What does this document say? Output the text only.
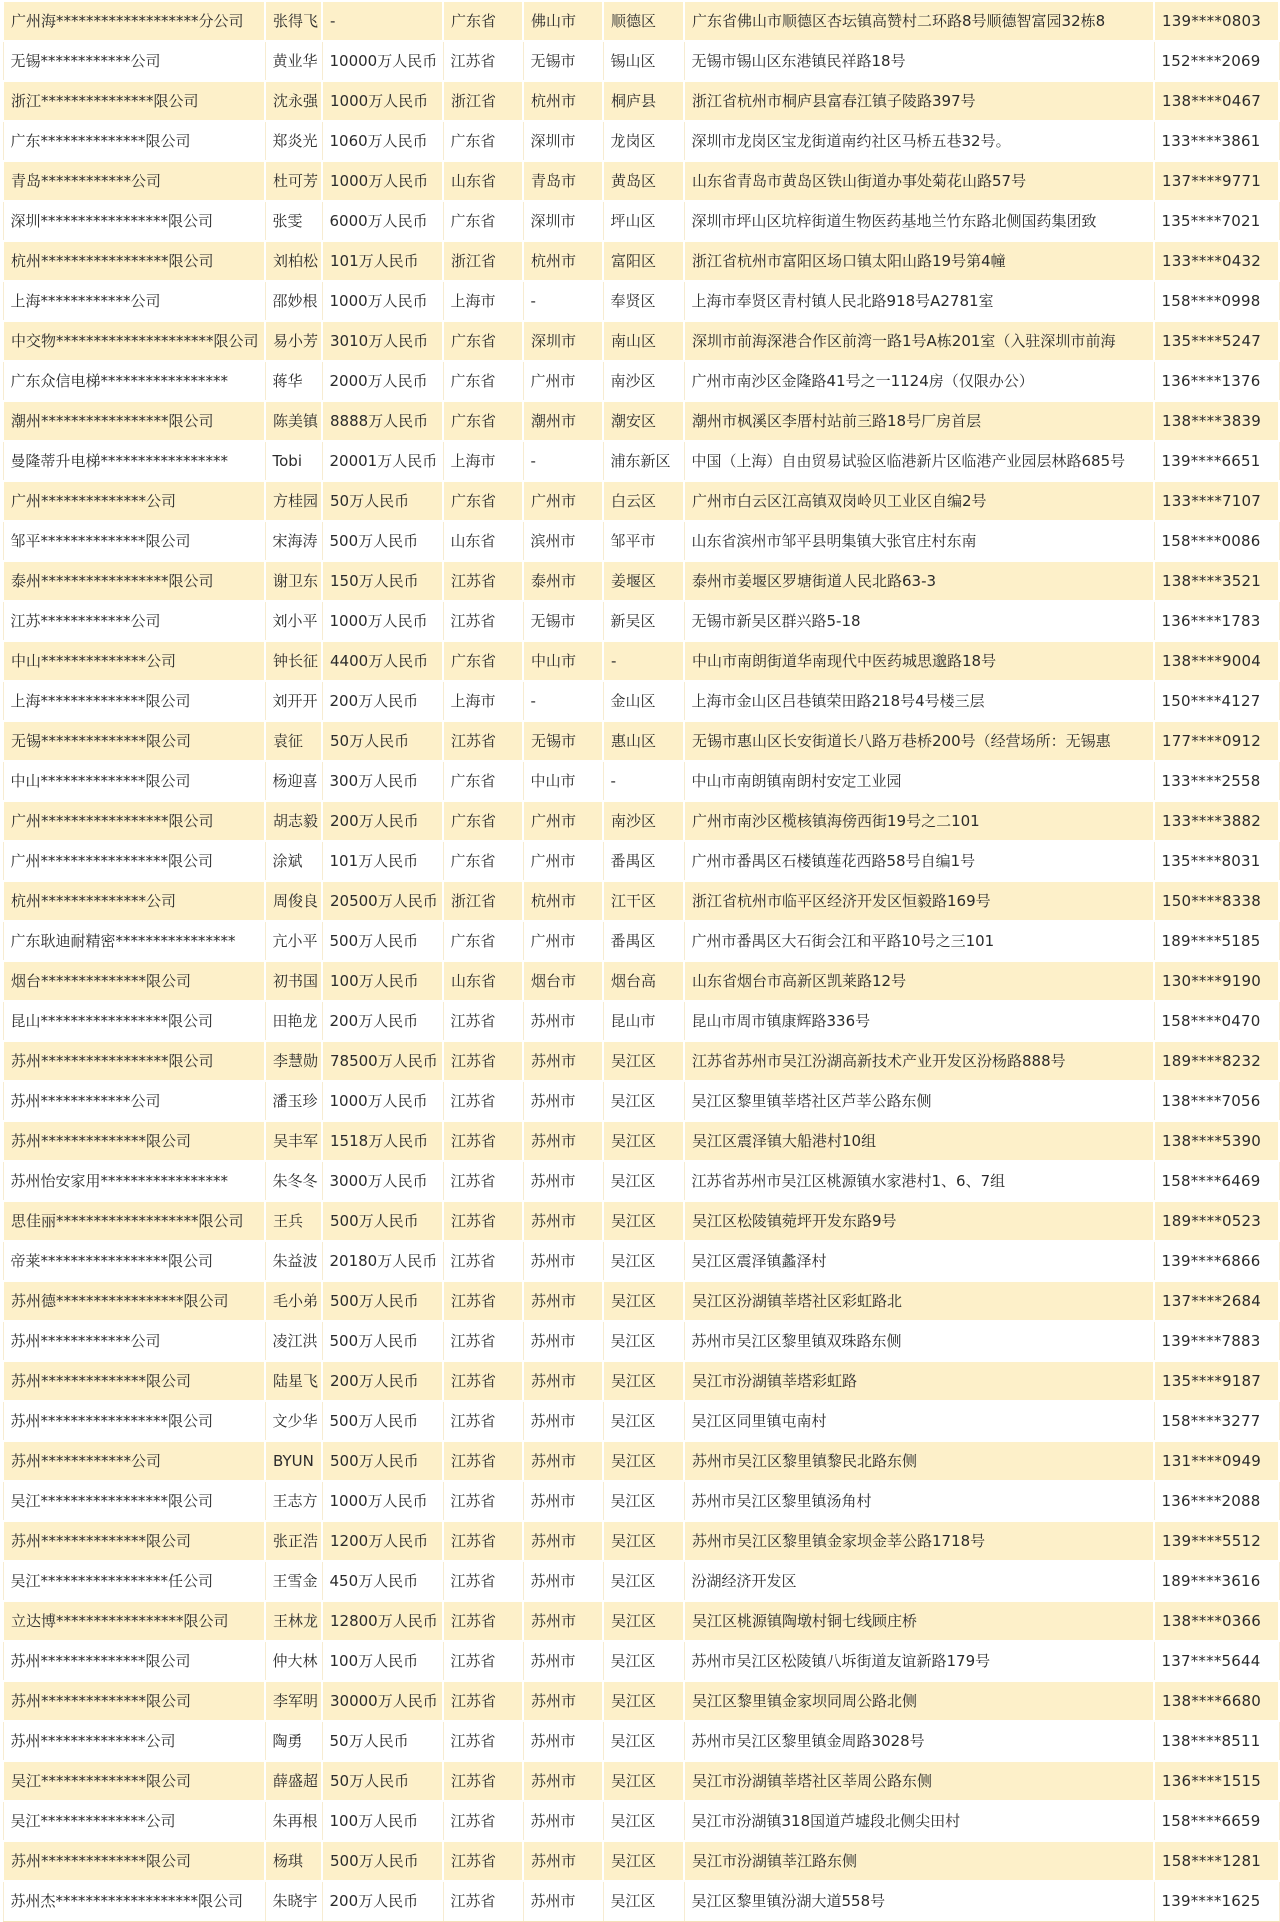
广州海*******************分公司	张得飞	-	广东省	佛山市	顺德区	广东省佛山市顺德区杏坛镇高赞村二环路8号顺德智富园32栋8	139****0803
无锡************公司	黄业华	10000万人民币	江苏省	无锡市	锡山区	无锡市锡山区东港镇民祥路18号	152****2069
浙江***************限公司	沈永强	1000万人民币	浙江省	杭州市	桐庐县	浙江省杭州市桐庐县富春江镇子陵路397号	138****0467
广东**************限公司	郑炎光	1060万人民币	广东省	深圳市	龙岗区	深圳市龙岗区宝龙街道南约社区马桥五巷32号。	133****3861
青岛************公司	杜可芳	1000万人民币	山东省	青岛市	黄岛区	山东省青岛市黄岛区铁山街道办事处菊花山路57号	137****9771
深圳*****************限公司	张雯	6000万人民币	广东省	深圳市	坪山区	深圳市坪山区坑梓街道生物医药基地兰竹东路北侧国药集团致	135****7021
杭州*****************限公司	刘柏松	101万人民币	浙江省	杭州市	富阳区	浙江省杭州市富阳区场口镇太阳山路19号第4幢	133****0432
上海************公司	邵妙根	1000万人民币	上海市	-	奉贤区	上海市奉贤区青村镇人民北路918号A2781室	158****0998
中交物*********************限公司	易小芳	3010万人民币	广东省	深圳市	南山区	深圳市前海深港合作区前湾一路1号A栋201室（入驻深圳市前海	135****5247
广东众信电梯*****************	蒋华	2000万人民币	广东省	广州市	南沙区	广州市南沙区金隆路41号之一1124房（仅限办公）	136****1376
潮州*****************限公司	陈美镇	8888万人民币	广东省	潮州市	潮安区	潮州市枫溪区李厝村站前三路18号厂房首层	138****3839
曼隆蒂升电梯*****************	Tobi	20001万人民币	上海市	-	浦东新区	中国（上海）自由贸易试验区临港新片区临港产业园层林路685号	139****6651
广州**************公司	方桂园	50万人民币	广东省	广州市	白云区	广州市白云区江高镇双岗岭贝工业区自编2号	133****7107
邹平**************限公司	宋海涛	500万人民币	山东省	滨州市	邹平市	山东省滨州市邹平县明集镇大张官庄村东南	158****0086
泰州*****************限公司	谢卫东	150万人民币	江苏省	泰州市	姜堰区	泰州市姜堰区罗塘街道人民北路63-3	138****3521
江苏************公司	刘小平	1000万人民币	江苏省	无锡市	新吴区	无锡市新吴区群兴路5-18	136****1783
中山**************公司	钟长征	4400万人民币	广东省	中山市	-	中山市南朗街道华南现代中医药城思邈路18号	138****9004
上海**************限公司	刘开开	200万人民币	上海市	-	金山区	上海市金山区吕巷镇荣田路218号4号楼三层	150****4127
无锡**************限公司	袁征	50万人民币	江苏省	无锡市	惠山区	无锡市惠山区长安街道长八路万巷桥200号（经营场所：无锡惠	177****0912
中山**************限公司	杨迎喜	300万人民币	广东省	中山市	-	中山市南朗镇南朗村安定工业园	133****2558
广州*****************限公司	胡志毅	200万人民币	广东省	广州市	南沙区	广州市南沙区榄核镇海傍西街19号之二101	133****3882
广州*****************限公司	涂斌	101万人民币	广东省	广州市	番禺区	广州市番禺区石楼镇莲花西路58号自编1号	135****8031
杭州**************公司	周俊良	20500万人民币	浙江省	杭州市	江干区	浙江省杭州市临平区经济开发区恒毅路169号	150****8338
广东耿迪耐精密****************	亢小平	500万人民币	广东省	广州市	番禺区	广州市番禺区大石街会江和平路10号之三101	189****5185
烟台**************限公司	初书国	100万人民币	山东省	烟台市	烟台高	山东省烟台市高新区凯莱路12号	130****9190
昆山*****************限公司	田艳龙	200万人民币	江苏省	苏州市	昆山市	昆山市周市镇康辉路336号	158****0470
苏州*****************限公司	李慧勋	78500万人民币	江苏省	苏州市	吴江区	江苏省苏州市吴江汾湖高新技术产业开发区汾杨路888号	189****8232
苏州************公司	潘玉珍	1000万人民币	江苏省	苏州市	吴江区	吴江区黎里镇莘塔社区芦莘公路东侧	138****7056
苏州**************限公司	吴丰军	1518万人民币	江苏省	苏州市	吴江区	吴江区震泽镇大船港村10组	138****5390
苏州怡安家用*****************	朱冬冬	3000万人民币	江苏省	苏州市	吴江区	江苏省苏州市吴江区桃源镇水家港村1、6、7组	158****6469
思佳丽*******************限公司	王兵	500万人民币	江苏省	苏州市	吴江区	吴江区松陵镇菀坪开发东路9号	189****0523
帝莱*****************限公司	朱益波	20180万人民币	江苏省	苏州市	吴江区	吴江区震泽镇蠡泽村	139****6866
苏州德*****************限公司	毛小弟	500万人民币	江苏省	苏州市	吴江区	吴江区汾湖镇莘塔社区彩虹路北	137****2684
苏州************公司	凌江洪	500万人民币	江苏省	苏州市	吴江区	苏州市吴江区黎里镇双珠路东侧	139****7883
苏州**************限公司	陆星飞	200万人民币	江苏省	苏州市	吴江区	吴江市汾湖镇莘塔彩虹路	135****9187
苏州*****************限公司	文少华	500万人民币	江苏省	苏州市	吴江区	吴江区同里镇屯南村	158****3277
苏州************公司	BYUN	500万人民币	江苏省	苏州市	吴江区	苏州市吴江区黎里镇黎民北路东侧	131****0949
吴江*****************限公司	王志方	1000万人民币	江苏省	苏州市	吴江区	苏州市吴江区黎里镇汤角村	136****2088
苏州**************限公司	张正浩	1200万人民币	江苏省	苏州市	吴江区	苏州市吴江区黎里镇金家坝金莘公路1718号	139****5512
吴江*****************任公司	王雪金	450万人民币	江苏省	苏州市	吴江区	汾湖经济开发区	189****3616
立达博*****************限公司	王林龙	12800万人民币	江苏省	苏州市	吴江区	吴江区桃源镇陶墩村铜七线顾庄桥	138****0366
苏州**************限公司	仲大林	100万人民币	江苏省	苏州市	吴江区	苏州市吴江区松陵镇八坼街道友谊新路179号	137****5644
苏州**************限公司	李军明	30000万人民币	江苏省	苏州市	吴江区	吴江区黎里镇金家坝同周公路北侧	138****6680
苏州**************公司	陶勇	50万人民币	江苏省	苏州市	吴江区	苏州市吴江区黎里镇金周路3028号	138****8511
吴江**************限公司	薛盛超	50万人民币	江苏省	苏州市	吴江区	吴江市汾湖镇莘塔社区莘周公路东侧	136****1515
吴江**************公司	朱再根	100万人民币	江苏省	苏州市	吴江区	吴江市汾湖镇318国道芦墟段北侧尖田村	158****6659
苏州**************限公司	杨琪	500万人民币	江苏省	苏州市	吴江区	吴江市汾湖镇莘江路东侧	158****1281
苏州杰*******************限公司	朱晓宇	200万人民币	江苏省	苏州市	吴江区	吴江区黎里镇汾湖大道558号	139****1625
